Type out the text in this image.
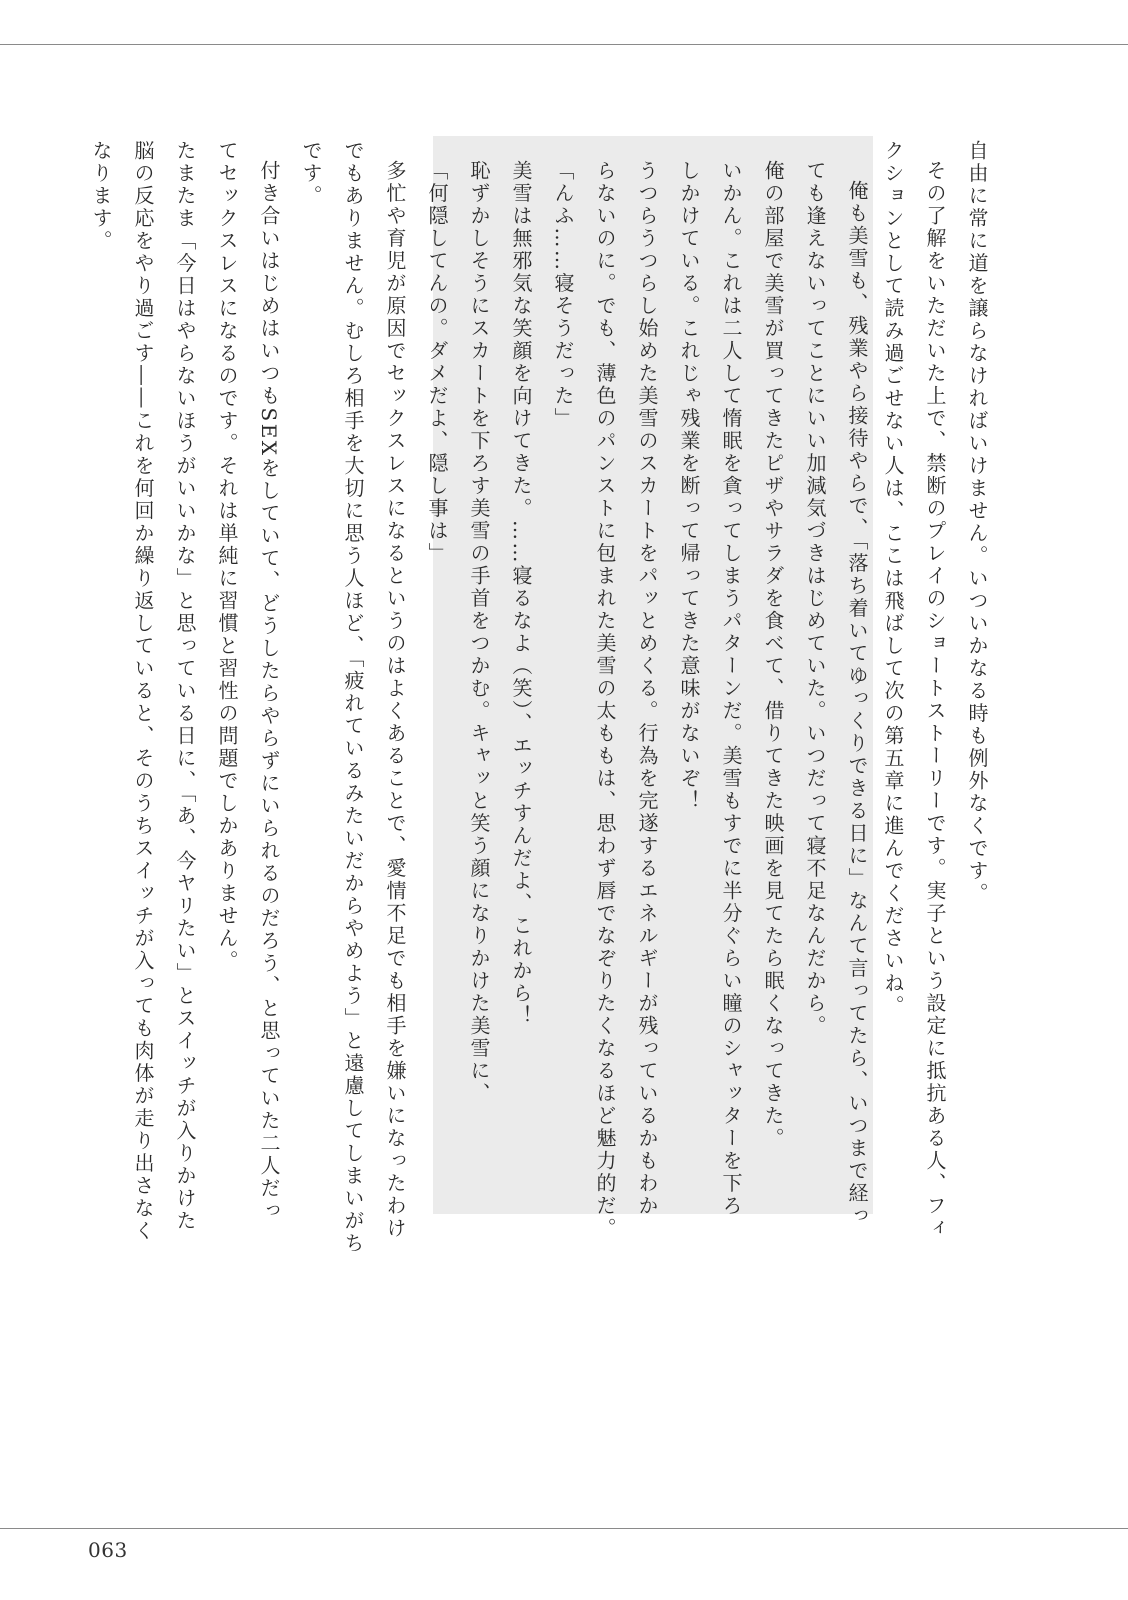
自由に常に道を譲らなければいけません。いついかなる時も例外なくです。
その了解をいただいた上で、禁断のプレイのショートストーリーです。実子という設定に抵抗ある人、フィ
クションとして読み過ごせない人は、ここは飛ばして次の第五章に進んでくださいね。
俺も美雪も、残業やら接待やらで、「落ち着いてゆっくりできる日に」なんて言ってたら、いつまで経っ
ても逢えないってことにいい加減気づきはじめていた。いつだって寝不足なんだから。
俺の部屋で美雪が買ってきたピザやサラダを食べて、借りてきた映画を見てたら眠くなってきた。
いかん。これは二人して惰眠を貪ってしまうパターンだ。美雪もすでに半分ぐらい瞳のシャッターを下ろ
しかけている。これじゃ残業を断って帰ってきた意味がないぞ！
うつらうつらし始めた美雪のスカートをパッとめくる。行為を完遂するエネルギーが残っているかもわか
らないのに。でも、薄色のパンストに包まれた美雪の太ももは、思わず唇でなぞりたくなるほど魅力的だ。
「んふ……寝そうだった」
美雪は無邪気な笑顔を向けてきた。……寝るなよ（笑）、エッチすんだよ、これから！
恥ずかしそうにスカートを下ろす美雪の手首をつかむ。キャッと笑う顔になりかけた美雪に、
「何隠してんの。ダメだよ、隠し事は」
多忙や育児が原因でセックスレスになるというのはよくあることで、愛情不足でも相手を嫌いになったわけ
でもありません。むしろ相手を大切に思う人ほど、「疲れているみたいだからやめよう」と遠慮してしまいがち
です。
付き合いはじめはいつもSEXをしていて、どうしたらやらずにいられるのだろう、と思っていた二人だっ
てセックスレスになるのです。それは単純に習慣と習性の問題でしかありません。
たまたま「今日はやらないほうがいいかな」と思っている日に、「あ、今ヤリたい」とスイッチが入りかけた
脳の反応をやり過ごす――これを何回か繰り返していると、そのうちスイッチが入っても肉体が走り出さなく
なります。
063
